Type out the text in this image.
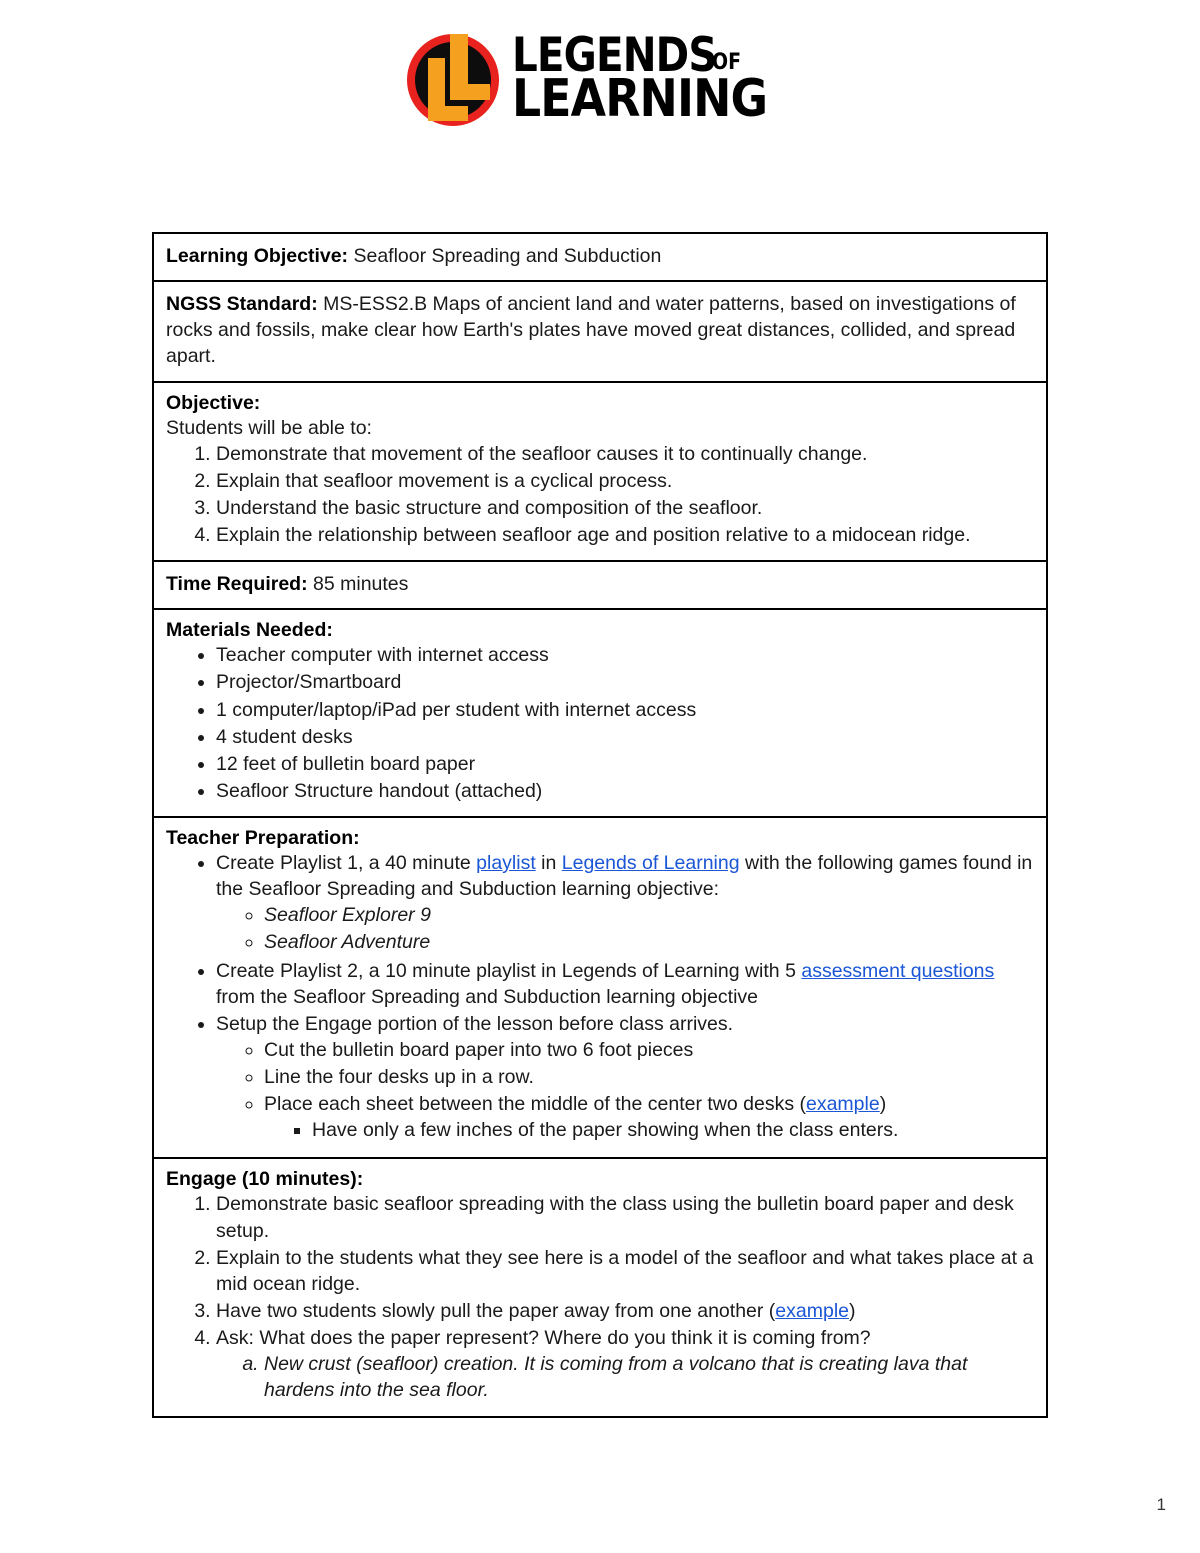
LEGENDS
OF
LEARNING
Learning Objective: Seafloor Spreading and Subduction
NGSS Standard: MS-ESS2.B Maps of ancient land and water patterns, based on investigations of rocks and fossils, make clear how Earth's plates have moved great distances, collided, and spread apart.
Objective:
Students will be able to:
1. Demonstrate that movement of the seafloor causes it to continually change.
2. Explain that seafloor movement is a cyclical process.
3. Understand the basic structure and composition of the seafloor.
4. Explain the relationship between seafloor age and position relative to a midocean ridge.
Time Required: 85 minutes
Materials Needed:
• Teacher computer with internet access
• Projector/Smartboard
• 1 computer/laptop/iPad per student with internet access
• 4 student desks
• 12 feet of bulletin board paper
• Seafloor Structure handout (attached)
Teacher Preparation:
• Create Playlist 1, a 40 minute playlist in Legends of Learning with the following games found in the Seafloor Spreading and Subduction learning objective:
◦ Seafloor Explorer 9
◦ Seafloor Adventure
• Create Playlist 2, a 10 minute playlist in Legends of Learning with 5 assessment questions from the Seafloor Spreading and Subduction learning objective
• Setup the Engage portion of the lesson before class arrives.
◦ Cut the bulletin board paper into two 6 foot pieces
◦ Line the four desks up in a row.
◦ Place each sheet between the middle of the center two desks (example)
▪ Have only a few inches of the paper showing when the class enters.
Engage (10 minutes):
1. Demonstrate basic seafloor spreading with the class using the bulletin board paper and desk setup.
2. Explain to the students what they see here is a model of the seafloor and what takes place at a mid ocean ridge.
3. Have two students slowly pull the paper away from one another (example)
4. Ask: What does the paper represent? Where do you think it is coming from?
a. New crust (seafloor) creation. It is coming from a volcano that is creating lava that hardens into the sea floor.
1
